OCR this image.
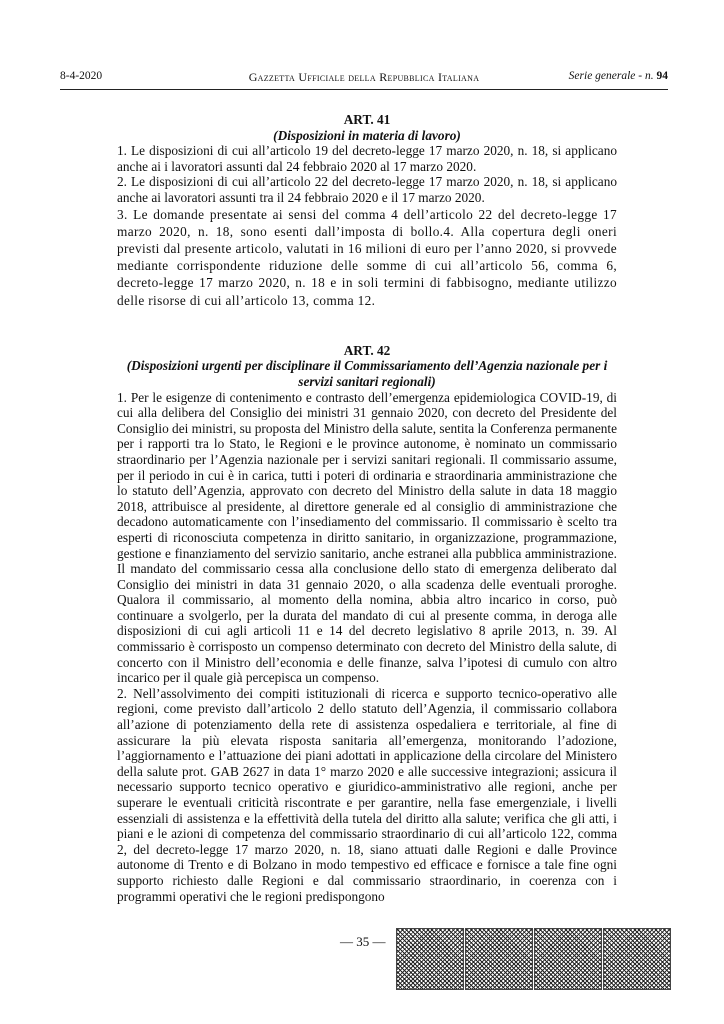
8-4-2020	Gazzetta Ufficiale della Repubblica Italiana	Serie generale - n. 94
ART. 41
(Disposizioni in materia di lavoro)

1. Le disposizioni di cui all’articolo 19 del decreto-legge 17 marzo 2020, n. 18, si applicano anche ai i lavoratori assunti dal 24 febbraio 2020 al 17 marzo 2020.

2. Le disposizioni di cui all’articolo 22 del decreto-legge 17 marzo 2020, n. 18, si applicano anche ai lavoratori assunti tra il 24 febbraio 2020 e il 17 marzo 2020.

3. Le domande presentate ai sensi del comma 4 dell’articolo 22 del decreto-legge 17 marzo 2020, n. 18, sono esenti dall’imposta di bollo.4. Alla copertura degli oneri previsti dal presente articolo, valutati in 16 milioni di euro per l’anno 2020, si provvede mediante corrispondente riduzione delle somme di cui all’articolo 56, comma 6, decreto-legge 17 marzo 2020, n. 18 e in soli termini di fabbisogno, mediante utilizzo delle risorse di cui all’articolo 13, comma 12.

ART. 42
(Disposizioni urgenti per disciplinare il Commissariamento dell’Agenzia nazionale per i servizi sanitari regionali)

1. Per le esigenze di contenimento e contrasto dell’emergenza epidemiologica COVID-19, di cui alla delibera del Consiglio dei ministri 31 gennaio 2020, con decreto del Presidente del Consiglio dei ministri, su proposta del Ministro della salute, sentita la Conferenza permanente per i rapporti tra lo Stato, le Regioni e le province autonome, è nominato un commissario straordinario per l’Agenzia nazionale per i servizi sanitari regionali. Il commissario assume, per il periodo in cui è in carica, tutti i poteri di ordinaria e straordinaria amministrazione che lo statuto dell’Agenzia, approvato con decreto del Ministro della salute in data 18 maggio 2018, attribuisce al presidente, al direttore generale ed al consiglio di amministrazione che decadono automaticamente con l’insediamento del commissario. Il commissario è scelto tra esperti di riconosciuta competenza in diritto sanitario, in organizzazione, programmazione, gestione e finanziamento del servizio sanitario, anche estranei alla pubblica amministrazione. Il mandato del commissario cessa alla conclusione dello stato di emergenza deliberato dal Consiglio dei ministri in data 31 gennaio 2020, o alla scadenza delle eventuali proroghe. Qualora il commissario, al momento della nomina, abbia altro incarico in corso, può continuare a svolgerlo, per la durata del mandato di cui al presente comma, in deroga alle disposizioni di cui agli articoli 11 e 14 del decreto legislativo 8 aprile 2013, n. 39. Al commissario è corrisposto un compenso determinato con decreto del Ministro della salute, di concerto con il Ministro dell’economia e delle finanze, salva l’ipotesi di cumulo con altro incarico per il quale già percepisca un compenso.

2. Nell’assolvimento dei compiti istituzionali di ricerca e supporto tecnico-operativo alle regioni, come previsto dall’articolo 2 dello statuto dell’Agenzia, il commissario collabora all’azione di potenziamento della rete di assistenza ospedaliera e territoriale, al fine di assicurare la più elevata risposta sanitaria all’emergenza, monitorando l’adozione, l’aggiornamento e l’attuazione dei piani adottati in applicazione della circolare del Ministero della salute prot. GAB 2627 in data 1° marzo 2020 e alle successive integrazioni; assicura il necessario supporto tecnico operativo e giuridico-amministrativo alle regioni, anche per superare le eventuali criticità riscontrate e per garantire, nella fase emergenziale, i livelli essenziali di assistenza e la effettività della tutela del diritto alla salute; verifica che gli atti, i piani e le azioni di competenza del commissario straordinario di cui all’articolo 122, comma 2, del decreto-legge 17 marzo 2020, n. 18, siano attuati dalle Regioni e dalle Province autonome di Trento e di Bolzano in modo tempestivo ed efficace e fornisce a tale fine ogni supporto richiesto dalle Regioni e dal commissario straordinario, in coerenza con i programmi operativi che le regioni predispongono

— 35 —
